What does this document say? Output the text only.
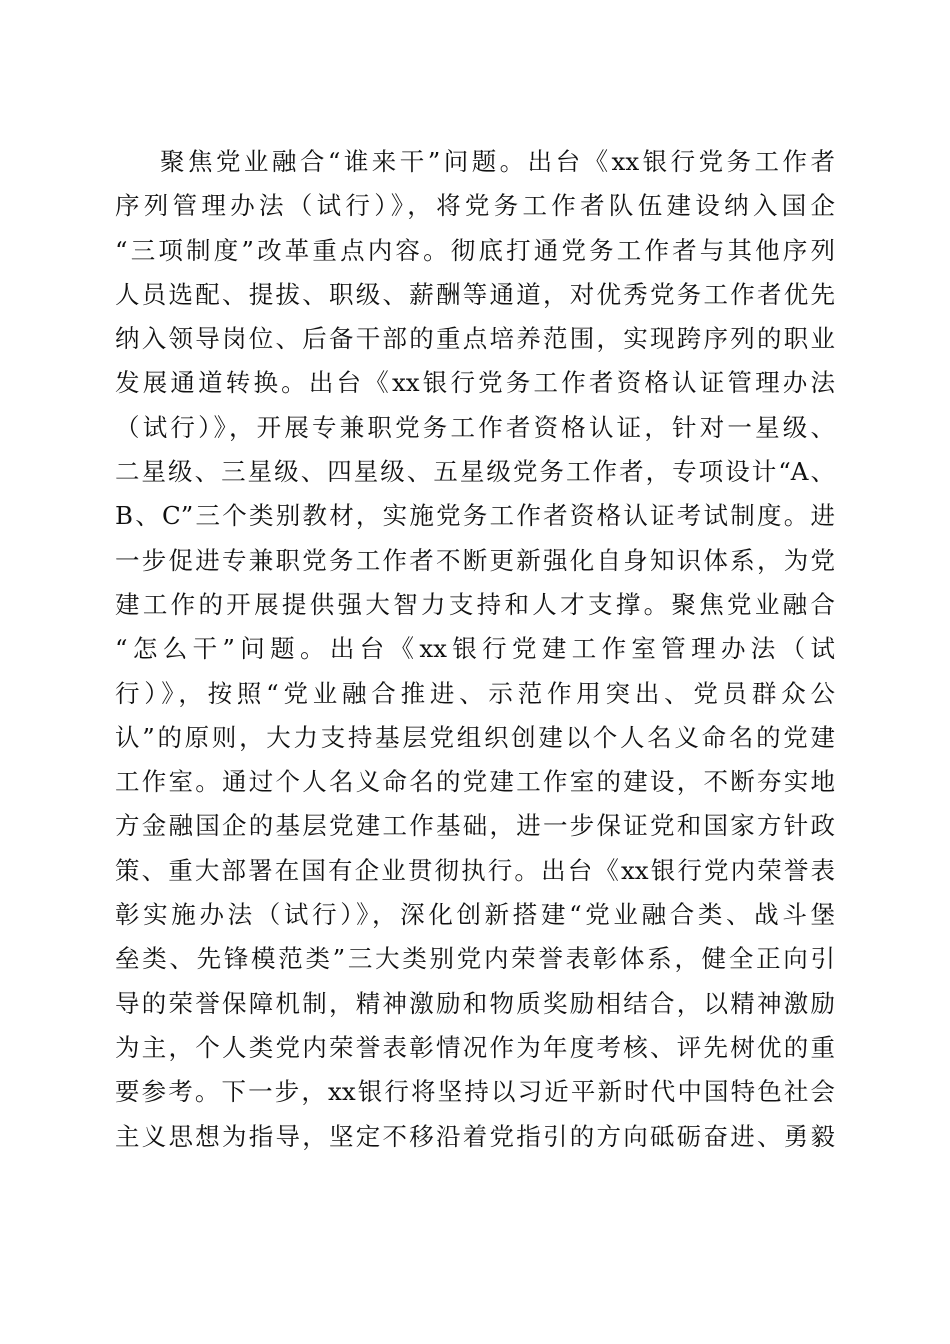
聚焦党业融合“谁来干”问题。出台《xx银行党务工作者
序列管理办法（试行）》，将党务工作者队伍建设纳入国企
“三项制度”改革重点内容。彻底打通党务工作者与其他序列
人员选配、提拔、职级、薪酬等通道，对优秀党务工作者优先
纳入领导岗位、后备干部的重点培养范围，实现跨序列的职业
发展通道转换。出台《xx银行党务工作者资格认证管理办法
（试行）》，开展专兼职党务工作者资格认证，针对一星级、
二星级、三星级、四星级、五星级党务工作者，专项设计“A、
B、C”三个类别教材，实施党务工作者资格认证考试制度。进
一步促进专兼职党务工作者不断更新强化自身知识体系，为党
建工作的开展提供强大智力支持和人才支撑。聚焦党业融合
“怎么干”问题。出台《xx银行党建工作室管理办法（试
行）》，按照“党业融合推进、示范作用突出、党员群众公
认”的原则，大力支持基层党组织创建以个人名义命名的党建
工作室。通过个人名义命名的党建工作室的建设，不断夯实地
方金融国企的基层党建工作基础，进一步保证党和国家方针政
策、重大部署在国有企业贯彻执行。出台《xx银行党内荣誉表
彰实施办法（试行）》，深化创新搭建“党业融合类、战斗堡
垒类、先锋模范类”三大类别党内荣誉表彰体系，健全正向引
导的荣誉保障机制，精神激励和物质奖励相结合，以精神激励
为主，个人类党内荣誉表彰情况作为年度考核、评先树优的重
要参考。下一步，xx银行将坚持以习近平新时代中国特色社会
主义思想为指导，坚定不移沿着党指引的方向砥砺奋进、勇毅
